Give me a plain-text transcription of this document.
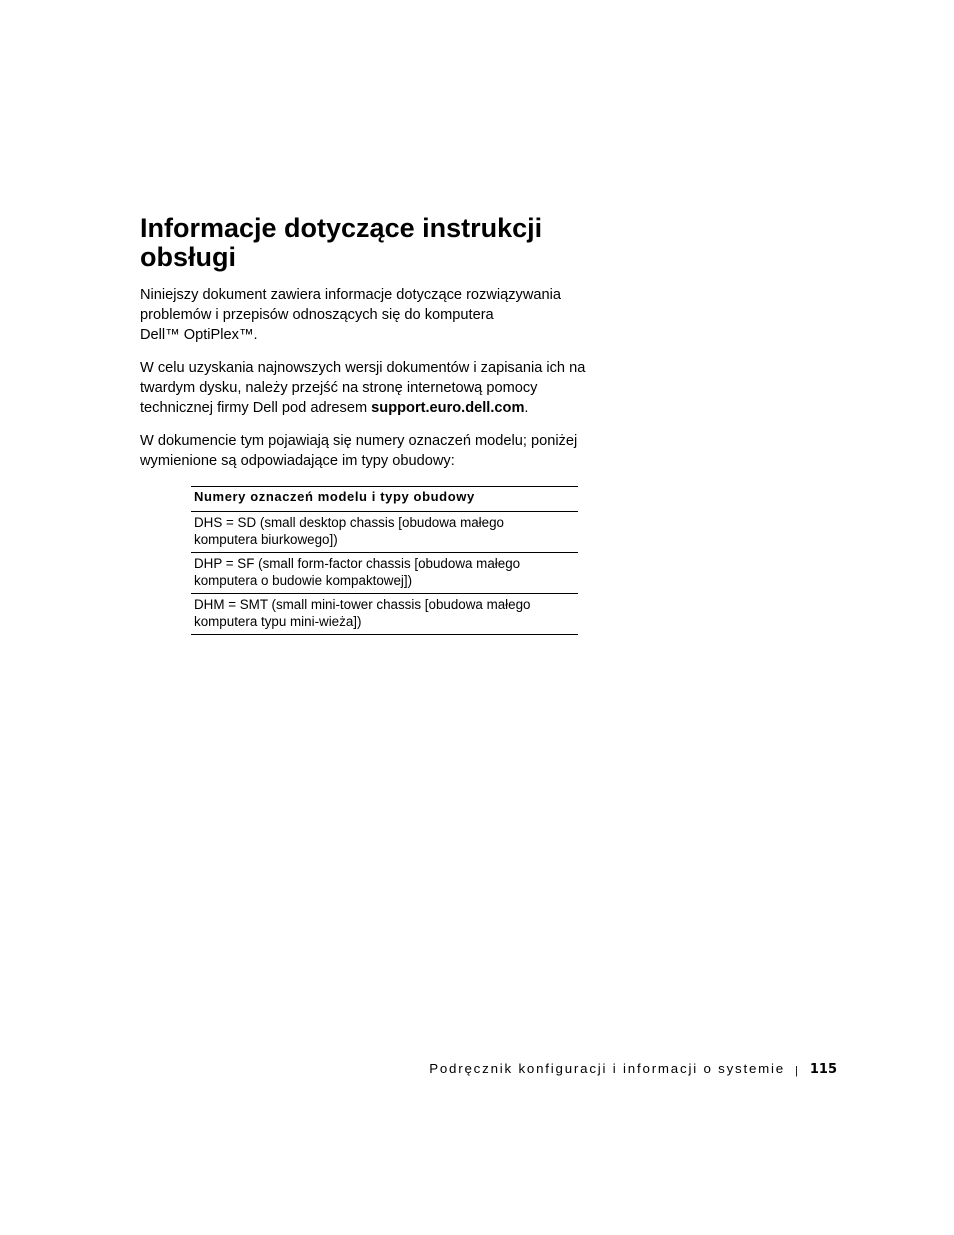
Informacje dotyczące instrukcji
obsługi

Niniejszy dokument zawiera informacje dotyczące rozwiązywania
problemów i przepisów odnoszących się do komputera
Dell™ OptiPlex™.

W celu uzyskania najnowszych wersji dokumentów i zapisania ich na
twardym dysku, należy przejść na stronę internetową pomocy
technicznej firmy Dell pod adresem support.euro.dell.com.

W dokumencie tym pojawiają się numery oznaczeń modelu; poniżej
wymienione są odpowiadające im typy obudowy:

Numery oznaczeń modelu i typy obudowy

DHS = SD (small desktop chassis [obudowa małego
komputera biurkowego])

DHP = SF (small form-factor chassis [obudowa małego
komputera o budowie kompaktowej])

DHM = SMT (small mini-tower chassis [obudowa małego
komputera typu mini-wieża])
Podręcznik konfiguracji i informacji o systemie | 115
